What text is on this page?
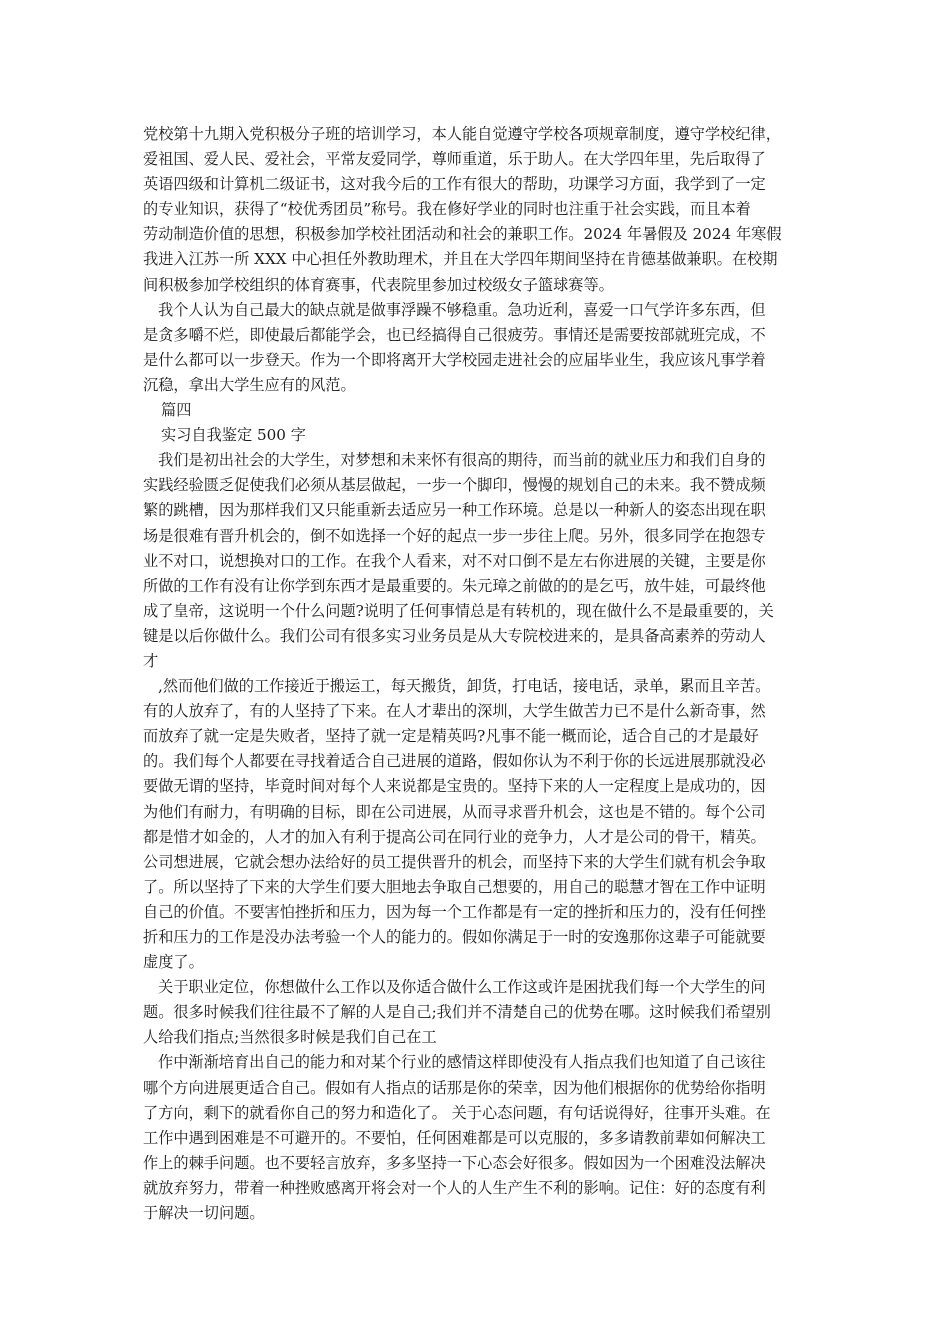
党校第十九期入党积极分子班的培训学习，本人能自觉遵守学校各项规章制度，遵守学校纪律，
爱祖国、爱人民、爱社会，平常友爱同学，尊师重道，乐于助人。在大学四年里，先后取得了
英语四级和计算机二级证书，这对我今后的工作有很大的帮助，功课学习方面，我学到了一定
的专业知识，获得了“校优秀团员”称号。我在修好学业的同时也注重于社会实践，而且本着
劳动制造价值的思想，积极参加学校社团活动和社会的兼职工作。2024 年暑假及 2024 年寒假
我进入江苏一所 XXX 中心担任外教助理术，并且在大学四年期间坚持在肯德基做兼职。在校期
间积极参加学校组织的体育赛事，代表院里参加过校级女子篮球赛等。
我个人认为自己最大的缺点就是做事浮躁不够稳重。急功近利，喜爱一口气学许多东西，但
是贪多嚼不烂，即使最后都能学会，也已经搞得自己很疲劳。事情还是需要按部就班完成，不
是什么都可以一步登天。作为一个即将离开大学校园走进社会的应届毕业生，我应该凡事学着
沉稳，拿出大学生应有的风范。
篇四
实习自我鉴定 500 字
我们是初出社会的大学生，对梦想和未来怀有很高的期待，而当前的就业压力和我们自身的
实践经验匮乏促使我们必须从基层做起，一步一个脚印，慢慢的规划自己的未来。我不赞成频
繁的跳槽，因为那样我们又只能重新去适应另一种工作环境。总是以一种新人的姿态出现在职
场是很难有晋升机会的，倒不如选择一个好的起点一步一步往上爬。另外，很多同学在抱怨专
业不对口，说想换对口的工作。在我个人看来，对不对口倒不是左右你进展的关键，主要是你
所做的工作有没有让你学到东西才是最重要的。朱元璋之前做的的是乞丐，放牛娃，可最终他
成了皇帝，这说明一个什么问题?说明了任何事情总是有转机的，现在做什么不是最重要的，关
键是以后你做什么。我们公司有很多实习业务员是从大专院校进来的，是具备高素养的劳动人
才
,然而他们做的工作接近于搬运工，每天搬货，卸货，打电话，接电话，录单，累而且辛苦。
有的人放弃了，有的人坚持了下来。在人才辈出的深圳，大学生做苦力已不是什么新奇事，然
而放弃了就一定是失败者，坚持了就一定是精英吗?凡事不能一概而论，适合自己的才是最好
的。我们每个人都要在寻找着适合自己进展的道路，假如你认为不利于你的长远进展那就没必
要做无谓的坚持，毕竟时间对每个人来说都是宝贵的。坚持下来的人一定程度上是成功的，因
为他们有耐力，有明确的目标，即在公司进展，从而寻求晋升机会，这也是不错的。每个公司
都是惜才如金的，人才的加入有利于提高公司在同行业的竞争力，人才是公司的骨干，精英。
公司想进展，它就会想办法给好的员工提供晋升的机会，而坚持下来的大学生们就有机会争取
了。所以坚持了下来的大学生们要大胆地去争取自己想要的，用自己的聪慧才智在工作中证明
自己的价值。不要害怕挫折和压力，因为每一个工作都是有一定的挫折和压力的，没有任何挫
折和压力的工作是没办法考验一个人的能力的。假如你满足于一时的安逸那你这辈子可能就要
虚度了。
关于职业定位，你想做什么工作以及你适合做什么工作这或许是困扰我们每一个大学生的问
题。很多时候我们往往最不了解的人是自己;我们并不清楚自己的优势在哪。这时候我们希望别
人给我们指点;当然很多时候是我们自己在工
作中渐渐培育出自己的能力和对某个行业的感情这样即使没有人指点我们也知道了自己该往
哪个方向进展更适合自己。假如有人指点的话那是你的荣幸，因为他们根据你的优势给你指明
了方向，剩下的就看你自己的努力和造化了。 关于心态问题，有句话说得好，往事开头难。在
工作中遇到困难是不可避开的。不要怕，任何困难都是可以克服的，多多请教前辈如何解决工
作上的棘手问题。也不要轻言放弃，多多坚持一下心态会好很多。假如因为一个困难没法解决
就放弃努力，带着一种挫败感离开将会对一个人的人生产生不利的影响。记住：好的态度有利
于解决一切问题。
